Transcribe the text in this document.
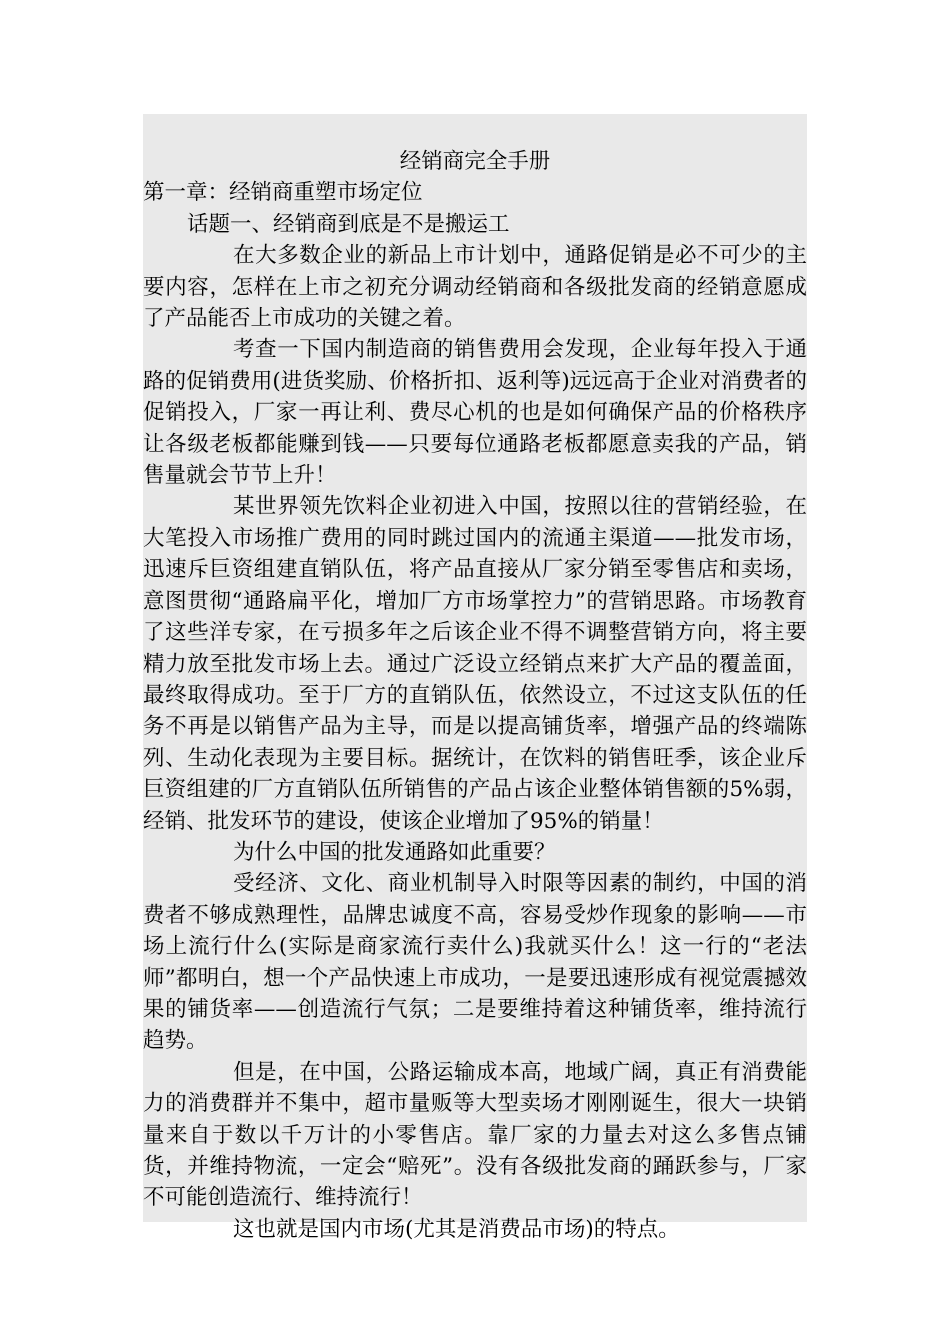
经销商完全手册

第一章：经销商重塑市场定位

话题一、经销商到底是不是搬运工

在大多数企业的新品上市计划中，通路促销是必不可少的主要内容，怎样在上市之初充分调动经销商和各级批发商的经销意愿成了产品能否上市成功的关键之着。

考查一下国内制造商的销售费用会发现，企业每年投入于通路的促销费用(进货奖励、价格折扣、返利等)远远高于企业对消费者的促销投入，厂家一再让利、费尽心机的也是如何确保产品的价格秩序让各级老板都能赚到钱——只要每位通路老板都愿意卖我的产品，销售量就会节节上升！

某世界领先饮料企业初进入中国，按照以往的营销经验，在大笔投入市场推广费用的同时跳过国内的流通主渠道——批发市场，迅速斥巨资组建直销队伍，将产品直接从厂家分销至零售店和卖场，意图贯彻“通路扁平化，增加厂方市场掌控力”的营销思路。市场教育了这些洋专家，在亏损多年之后该企业不得不调整营销方向，将主要精力放至批发市场上去。通过广泛设立经销点来扩大产品的覆盖面，最终取得成功。至于厂方的直销队伍，依然设立，不过这支队伍的任务不再是以销售产品为主导，而是以提高铺货率，增强产品的终端陈列、生动化表现为主要目标。据统计，在饮料的销售旺季，该企业斥巨资组建的厂方直销队伍所销售的产品占该企业整体销售额的5%弱，经销、批发环节的建设，使该企业增加了95%的销量！

为什么中国的批发通路如此重要？

受经济、文化、商业机制导入时限等因素的制约，中国的消费者不够成熟理性，品牌忠诚度不高，容易受炒作现象的影响——市场上流行什么(实际是商家流行卖什么)我就买什么！这一行的“老法师”都明白，想一个产品快速上市成功，一是要迅速形成有视觉震撼效果的铺货率——创造流行气氛；二是要维持着这种铺货率，维持流行趋势。

但是，在中国，公路运输成本高，地域广阔，真正有消费能力的消费群并不集中，超市量贩等大型卖场才刚刚诞生，很大一块销量来自于数以千万计的小零售店。靠厂家的力量去对这么多售点铺货，并维持物流，一定会“赔死”。没有各级批发商的踊跃参与，厂家不可能创造流行、维持流行！

这也就是国内市场(尤其是消费品市场)的特点。
